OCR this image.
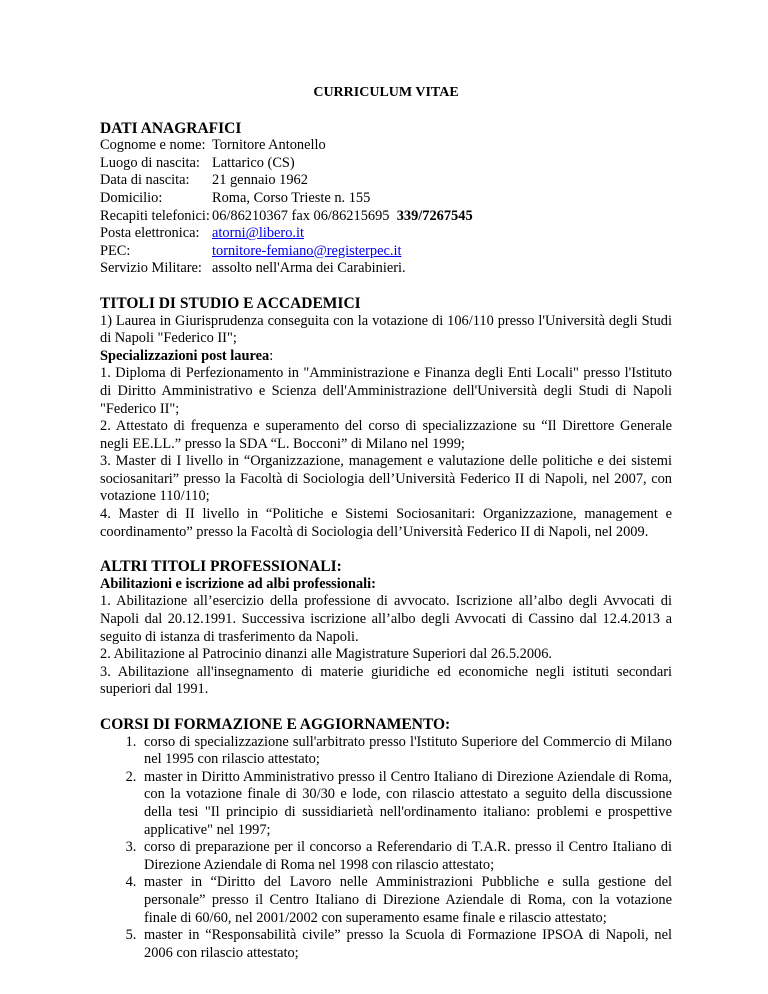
CURRICULUM VITAE
DATI ANAGRAFICI
Cognome e nome:	Tornitore Antonello
Luogo di nascita:	Lattarico (CS)
Data di nascita:	21 gennaio 1962
Domicilio:	Roma, Corso Trieste n. 155
Recapiti telefonici:	06/86210367 fax 06/86215695 339/7267545
Posta elettronica:	atorni@libero.it
PEC:	tornitore-femiano@registerpec.it
Servizio Militare:	assolto nell'Arma dei Carabinieri.
TITOLI DI STUDIO E ACCADEMICI

1) Laurea in Giurisprudenza conseguita con la votazione di 106/110 presso l'Università degli Studi di Napoli "Federico II";

Specializzazioni post laurea:

1. Diploma di Perfezionamento in "Amministrazione e Finanza degli Enti Locali" presso l'Istituto di Diritto Amministrativo e Scienza dell'Amministrazione dell'Università degli Studi di Napoli "Federico II";

2. Attestato di frequenza e superamento del corso di specializzazione su “Il Direttore Generale negli EE.LL.” presso la SDA “L. Bocconi” di Milano nel 1999;

3. Master di I livello in “Organizzazione, management e valutazione delle politiche e dei sistemi sociosanitari” presso la Facoltà di Sociologia dell’Università Federico II di Napoli, nel 2007, con votazione 110/110;

4. Master di II livello in “Politiche e Sistemi Sociosanitari: Organizzazione, management e coordinamento” presso la Facoltà di Sociologia dell’Università Federico II di Napoli, nel 2009.

ALTRI TITOLI PROFESSIONALI:

Abilitazioni e iscrizione ad albi professionali:

1. Abilitazione all’esercizio della professione di avvocato. Iscrizione all’albo degli Avvocati di Napoli dal 20.12.1991. Successiva iscrizione all’albo degli Avvocati di Cassino dal 12.4.2013 a seguito di istanza di trasferimento da Napoli.

2. Abilitazione al Patrocinio dinanzi alle Magistrature Superiori dal 26.5.2006.

3. Abilitazione all'insegnamento di materie giuridiche ed economiche negli istituti secondari superiori dal 1991.

CORSI DI FORMAZIONE E AGGIORNAMENTO:
1. corso di specializzazione sull'arbitrato presso l'Istituto Superiore del Commercio di Milano nel 1995 con rilascio attestato;
2. master in Diritto Amministrativo presso il Centro Italiano di Direzione Aziendale di Roma, con la votazione finale di 30/30 e lode, con rilascio attestato a seguito della discussione della tesi "Il principio di sussidiarietà nell'ordinamento italiano: problemi e prospettive applicative" nel 1997;
3. corso di preparazione per il concorso a Referendario di T.A.R. presso il Centro Italiano di Direzione Aziendale di Roma nel 1998 con rilascio attestato;
4. master in “Diritto del Lavoro nelle Amministrazioni Pubbliche e sulla gestione del personale” presso il Centro Italiano di Direzione Aziendale di Roma, con la votazione finale di 60/60, nel 2001/2002 con superamento esame finale e rilascio attestato;
5. master in “Responsabilità civile” presso la Scuola di Formazione IPSOA di Napoli, nel 2006 con rilascio attestato;
